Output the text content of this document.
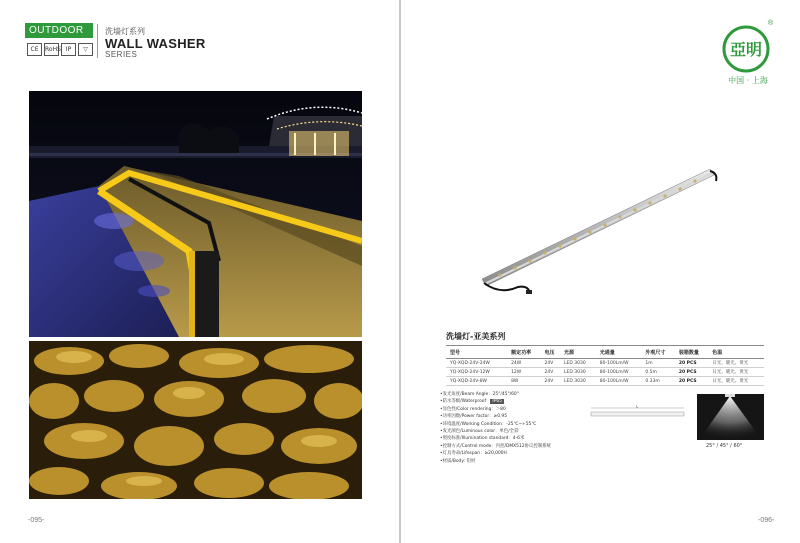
OUTDOOR
CE	RoHS IP	▽
洗墙灯系列
WALL WASHER
SERIES
-095-
亞明
®
中国 · 上海
洗墙灯-亚美系列
型号	额定功率	电压	光源	光通量	外观尺寸	装箱数量	色温
YQ-XQD-24V-24W	24W	24V	LED 3030	80-100Lm/W	1m	20 PCS	日光、暖光、黄光
YQ-XQD-24V-12W	12W	24V	LED 3030	80-100Lm/W	0.5m	20 PCS	日光、暖光、黄光
YQ-XQD-24V-8W	8W	24V	LED 3030	80-100Lm/W	0.33m	20 PCS	日光、暖光、黄光
•发光角度/Beam Angle：25°/45°/60°
•防水等级/Waterproof： IP65
•显色性/Color rendering：＞80
•功率因数/Power factor：≥0.95
•环境温度/Working Condition：-25℃~+55℃
•发光颜色/Luminous color：单色/全彩
•照度标准/Illumination standard：4-6米
•控制方式/Control mode：内控/DMX512协议控制系统
•灯具寿命/Lifespan：≥20,000H
•材质/Body: 铝材
L
25° / 45° / 60°
-096-
